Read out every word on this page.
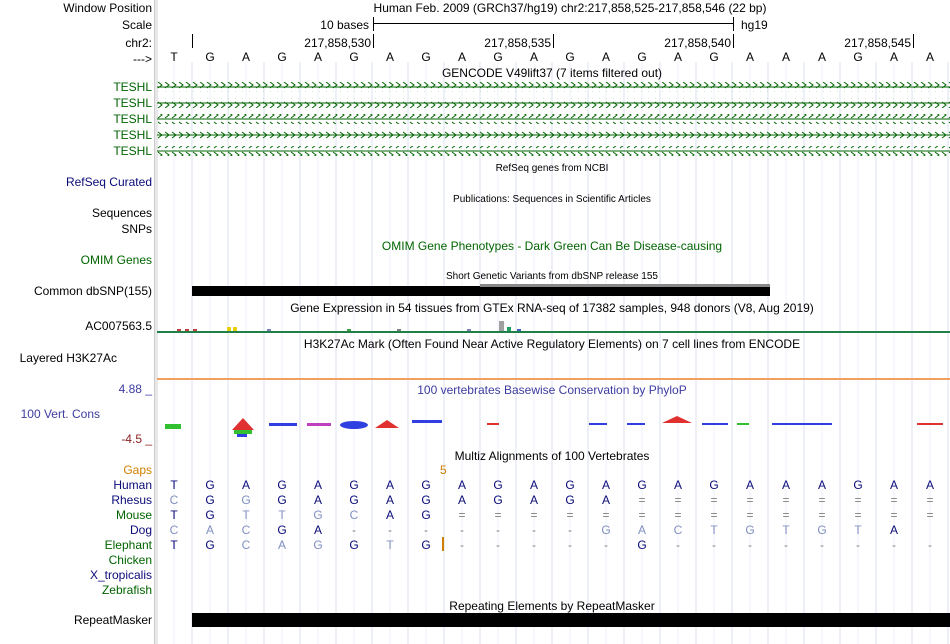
Window Position
Scale
chr2:
--->
TESHL
TESHL
TESHL
TESHL
TESHL
RefSeq Curated
Sequences
SNPs
OMIM Genes
Common dbSNP(155)
AC007563.5
Layered H3K27Ac
4.88 _
100 Vert. Cons
-4.5 _
Gaps
Human
Rhesus
Mouse
Dog
Elephant
Chicken
X_tropicalis
Zebrafish
RepeatMasker
Human Feb. 2009 (GRCh37/hg19) chr2:217,858,525-217,858,546 (22 bp)
10 bases	hg19
217,858,530	217,858,535	217,858,540	217,858,545
T G A G A G A G A G A G A G A G A A A G A A
GENCODE V49lift37 (7 items filtered out)
RefSeq genes from NCBI
Publications: Sequences in Scientific Articles
OMIM Gene Phenotypes - Dark Green Can Be Disease-causing
Short Genetic Variants from dbSNP release 155
Gene Expression in 54 tissues from GTEx RNA-seq of 17382 samples, 948 donors (V8, Aug 2019)
H3K27Ac Mark (Often Found Near Active Regulatory Elements) on 7 cell lines from ENCODE
100 vertebrates Basewise Conservation by PhyloP
Multiz Alignments of 100 Vertebrates
5
T G A G A G A G A G A G A G A G A A A G A A
C G G G A G A G A G A G A = = = = = = = = =
T G T T G C A G = = = = = = = = = = = = = =
C A C G A	-	-	-	-	-	-	-	G A C T G T G T A
T G C A G G T G	-	-	-	-	-	G	-	-	-	-	-	-	-	-
Repeating Elements by RepeatMasker
